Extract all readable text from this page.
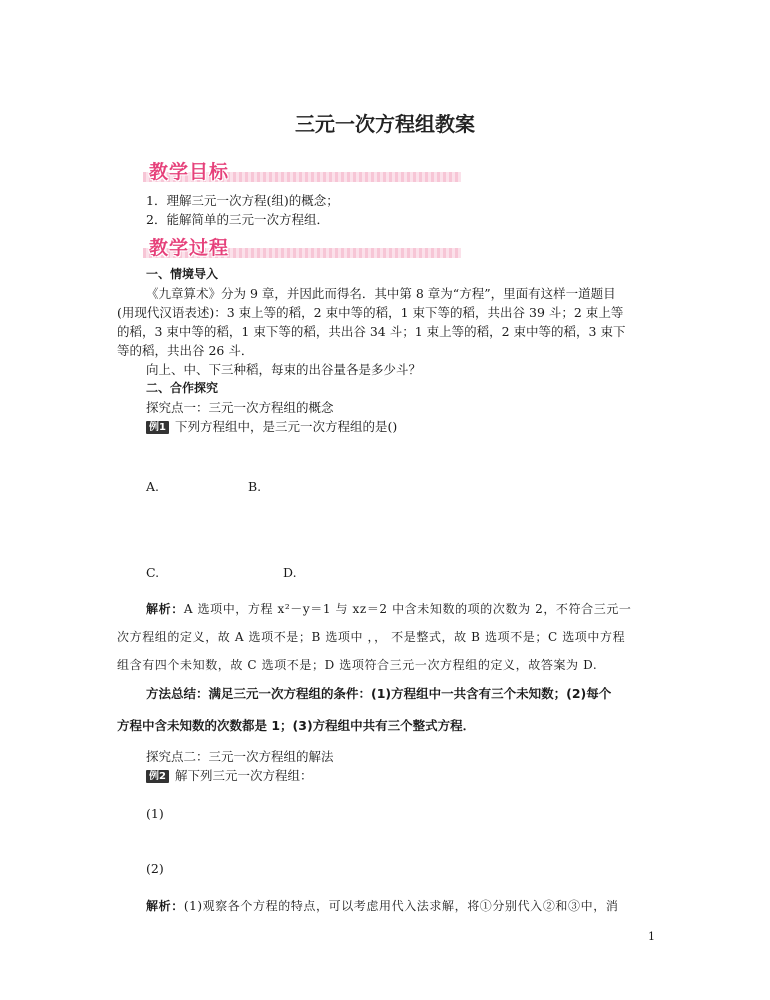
三元一次方程组教案
教学目标
1．理解三元一次方程(组)的概念；
2．能解简单的三元一次方程组．
教学过程
一、情境导入
《九章算术》分为 9 章，并因此而得名．其中第 8 章为“方程”，里面有这样一道题目
(用现代汉语表述)：3 束上等的稻，2 束中等的稻，1 束下等的稻，共出谷 39 斗；2 束上等
的稻，3 束中等的稻，1 束下等的稻，共出谷 34 斗；1 束上等的稻，2 束中等的稻，3 束下
等的稻，共出谷 26 斗．
向上、中、下三种稻，每束的出谷量各是多少斗？
二、合作探究
探究点一：三元一次方程组的概念
例1 下列方程组中，是三元一次方程组的是()
A.	B.
C.	D.
解析：A 选项中，方程 x²－y＝1 与 xz＝2 中含未知数的项的次数为 2，不符合三元一
次方程组的定义，故 A 选项不是；B 选项中 ，， 不是整式，故 B 选项不是；C 选项中方程
组含有四个未知数，故 C 选项不是；D 选项符合三元一次方程组的定义，故答案为 D.
方法总结：满足三元一次方程组的条件：(1)方程组中一共含有三个未知数；(2)每个
方程中含未知数的次数都是 1；(3)方程组中共有三个整式方程．
探究点二：三元一次方程组的解法
例2 解下列三元一次方程组：
(1)
(2)
解析：(1)观察各个方程的特点，可以考虑用代入法求解，将①分别代入②和③中，消
1
